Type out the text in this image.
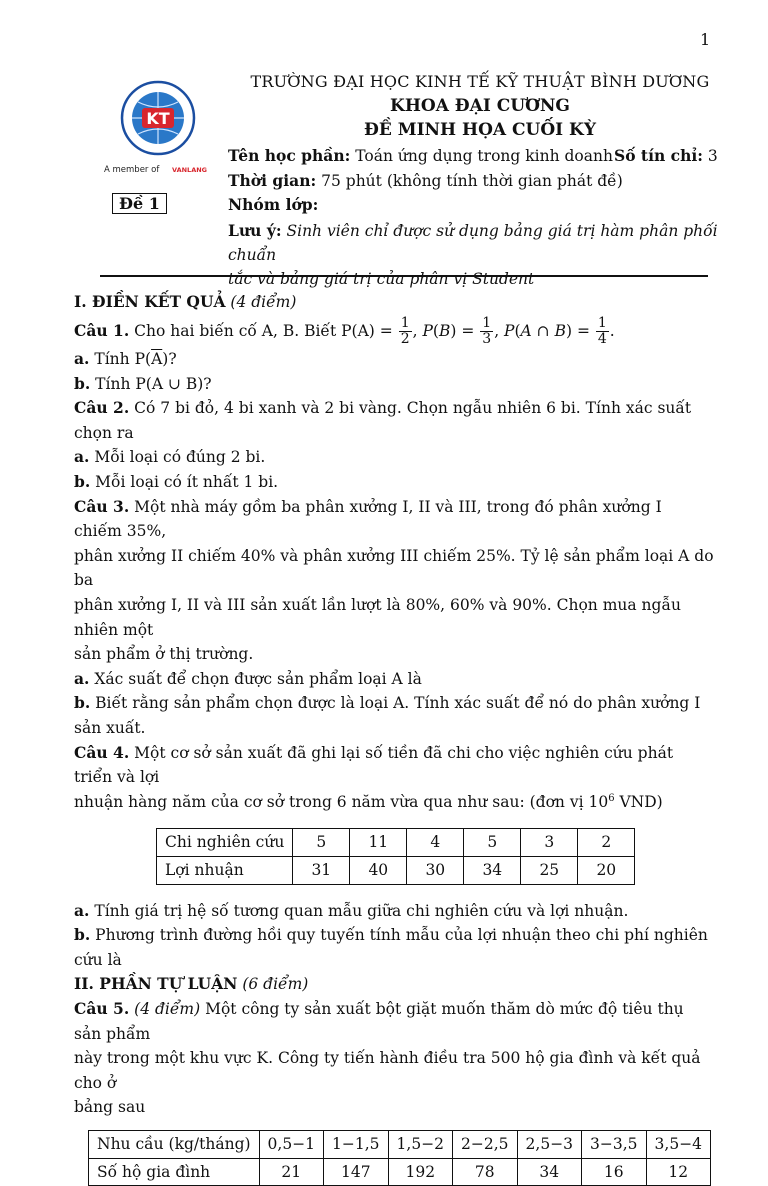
1
KT
A member of VANLANG
TRƯỜNG ĐẠI HỌC KINH TẾ KỸ THUẬT BÌNH DƯƠNG
KHOA ĐẠI CƯƠNG
ĐỀ MINH HỌA CUỐI KỲ
Tên học phần: Toán ứng dụng trong kinh doanh Số tín chỉ: 3
Thời gian: 75 phút (không tính thời gian phát đề)
Đề 1	Nhóm lớp:
Lưu ý: Sinh viên chỉ được sử dụng bảng giá trị hàm phân phối chuẩn
tắc và bảng giá trị của phân vị Student

I. ĐIỀN KẾT QUẢ (4 điểm)

Câu 1. Cho hai biến cố A, B. Biết $P(A) = \frac{1}{2}$ , $P(B) = \frac{1}{3}$ , P(A ∩ $B) = \frac{1}{4}$ .

a. Tính $P(\overline{A})$?

b. Tính P(A ∪ B)?

Câu 2. Có 7 bi đỏ, 4 bi xanh và 2 bi vàng. Chọn ngẫu nhiên 6 bi. Tính xác suất chọn ra

a. Mỗi loại có đúng 2 bi.

b. Mỗi loại có ít nhất 1 bi.

Câu 3. Một nhà máy gồm ba phân xưởng I, II và III, trong đó phân xưởng I chiếm 35%,
phân xưởng II chiếm 40% và phân xưởng III chiếm 25%. Tỷ lệ sản phẩm loại A do ba
phân xưởng I, II và III sản xuất lần lượt là 80%, 60% và 90%. Chọn mua ngẫu nhiên một
sản phẩm ở thị trường.

a. Xác suất để chọn được sản phẩm loại A là

b. Biết rằng sản phẩm chọn được là loại A. Tính xác suất để nó do phân xưởng I sản xuất.

Câu 4. Một cơ sở sản xuất đã ghi lại số tiền đã chi cho việc nghiên cứu phát triển và lợi
nhuận hàng năm của cơ sở trong 6 năm vừa qua như sau: (đơn vị $10^6$ VND)

Chi nghiên cứu	5	11	4	5	3	2
Lợi nhuận	31	40	30	34	25	20

a. Tính giá trị hệ số tương quan mẫu giữa chi nghiên cứu và lợi nhuận.

b. Phương trình đường hồi quy tuyến tính mẫu của lợi nhuận theo chi phí nghiên cứu là

II. PHẦN TỰ LUẬN (6 điểm)

Câu 5. (4 điểm) Một công ty sản xuất bột giặt muốn thăm dò mức độ tiêu thụ sản phẩm
này trong một khu vực K. Công ty tiến hành điều tra 500 hộ gia đình và kết quả cho ở
bảng sau

Nhu cầu (kg/tháng)	0,5−1	1−1,5	1,5−2	2−2,5	2,5−3	3−3,5	3,5−4
Số hộ gia đình	21	147	192	78	34	16	12
